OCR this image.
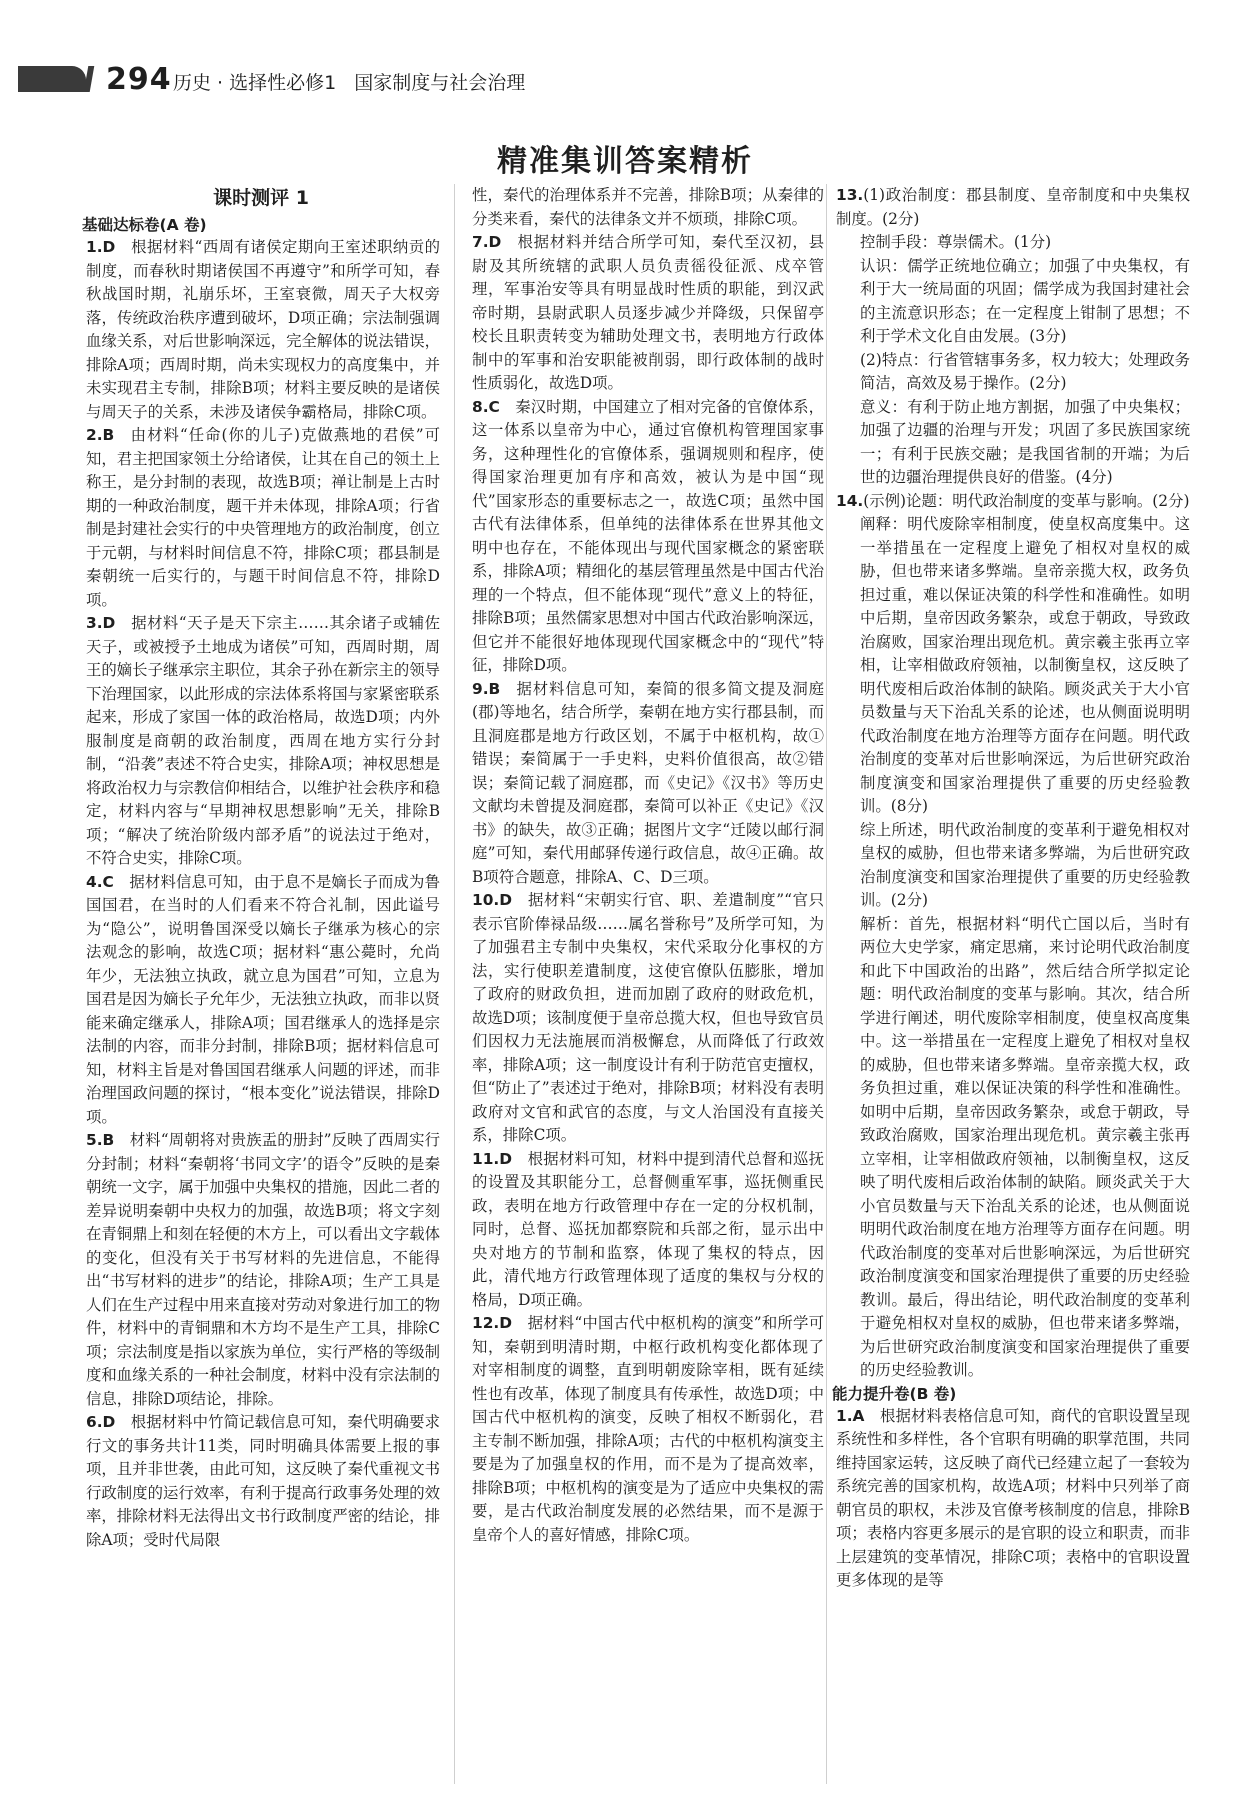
294 历史 · 选择性必修1 国家制度与社会治理
精准集训答案精析
课时测评 1
基础达标卷(A 卷)
1.D  根据材料“西周有诸侯定期向王室述职纳贡的制度，而春秋时期诸侯国不再遵守”和所学可知，春秋战国时期，礼崩乐坏，王室衰微，周天子大权旁落，传统政治秩序遭到破坏，D项正确；宗法制强调血缘关系，对后世影响深远，完全解体的说法错误，排除A项；西周时期，尚未实现权力的高度集中，并未实现君主专制，排除B项；材料主要反映的是诸侯与周天子的关系，未涉及诸侯争霸格局，排除C项。
2.B  由材料“任命(你的儿子)克做燕地的君侯”可知，君主把国家领土分给诸侯，让其在自己的领土上称王，是分封制的表现，故选B项；禅让制是上古时期的一种政治制度，题干并未体现，排除A项；行省制是封建社会实行的中央管理地方的政治制度，创立于元朝，与材料时间信息不符，排除C项；郡县制是秦朝统一后实行的，与题干时间信息不符，排除D项。
3.D  据材料“天子是天下宗主……其余诸子或辅佐天子，或被授予土地成为诸侯”可知，西周时期，周王的嫡长子继承宗主职位，其余子孙在新宗主的领导下治理国家，以此形成的宗法体系将国与家紧密联系起来，形成了家国一体的政治格局，故选D项；内外服制度是商朝的政治制度，西周在地方实行分封制，“沿袭”表述不符合史实，排除A项；神权思想是将政治权力与宗教信仰相结合，以维护社会秩序和稳定，材料内容与“早期神权思想影响”无关，排除B项；“解决了统治阶级内部矛盾”的说法过于绝对，不符合史实，排除C项。
4.C  据材料信息可知，由于息不是嫡长子而成为鲁国国君，在当时的人们看来不符合礼制，因此谥号为“隐公”，说明鲁国深受以嫡长子继承为核心的宗法观念的影响，故选C项；据材料“惠公薨时，允尚年少，无法独立执政，就立息为国君”可知，立息为国君是因为嫡长子允年少，无法独立执政，而非以贤能来确定继承人，排除A项；国君继承人的选择是宗法制的内容，而非分封制，排除B项；据材料信息可知，材料主旨是对鲁国国君继承人问题的评述，而非治理国政问题的探讨，“根本变化”说法错误，排除D项。
5.B  材料“周朝将对贵族盂的册封”反映了西周实行分封制；材料“秦朝将‘书同文字’的语令”反映的是秦朝统一文字，属于加强中央集权的措施，因此二者的差异说明秦朝中央权力的加强，故选B项；将文字刻在青铜鼎上和刻在轻便的木方上，可以看出文字载体的变化，但没有关于书写材料的先进信息，不能得出“书写材料的进步”的结论，排除A项；生产工具是人们在生产过程中用来直接对劳动对象进行加工的物件，材料中的青铜鼎和木方均不是生产工具，排除C项；宗法制度是指以家族为单位，实行严格的等级制度和血缘关系的一种社会制度，材料中没有宗法制的信息，排除D项结论，排除。
6.D  根据材料中竹简记载信息可知，秦代明确要求行文的事务共计11类，同时明确具体需要上报的事项，且并非世袭，由此可知，这反映了秦代重视文书行政制度的运行效率，有利于提高行政事务处理的效率，排除材料无法得出文书行政制度严密的结论，排除A项；受时代局限
性，秦代的治理体系并不完善，排除B项；从秦律的分类来看，秦代的法律条文并不烦琐，排除C项。
7.D  根据材料并结合所学可知，秦代至汉初，县尉及其所统辖的武职人员负责徭役征派、戍卒管理，军事治安等具有明显战时性质的职能，到汉武帝时期，县尉武职人员逐步减少并降级，只保留亭校长且职责转变为辅助处理文书，表明地方行政体制中的军事和治安职能被削弱，即行政体制的战时性质弱化，故选D项。
8.C  秦汉时期，中国建立了相对完备的官僚体系，这一体系以皇帝为中心，通过官僚机构管理国家事务，这种理性化的官僚体系，强调规则和程序，使得国家治理更加有序和高效，被认为是中国“现代”国家形态的重要标志之一，故选C项；虽然中国古代有法律体系，但单纯的法律体系在世界其他文明中也存在，不能体现出与现代国家概念的紧密联系，排除A项；精细化的基层管理虽然是中国古代治理的一个特点，但不能体现“现代”意义上的特征，排除B项；虽然儒家思想对中国古代政治影响深远，但它并不能很好地体现现代国家概念中的“现代”特征，排除D项。
9.B  据材料信息可知，秦简的很多简文提及洞庭(郡)等地名，结合所学，秦朝在地方实行郡县制，而且洞庭郡是地方行政区划，不属于中枢机构，故①错误；秦简属于一手史料，史料价值很高，故②错误；秦简记载了洞庭郡，而《史记》《汉书》等历史文献均未曾提及洞庭郡，秦简可以补正《史记》《汉书》的缺失，故③正确；据图片文字“迁陵以邮行洞庭”可知，秦代用邮驿传递行政信息，故④正确。故B项符合题意，排除A、C、D三项。
10.D  据材料“宋朝实行官、职、差遣制度”“官只表示官阶俸禄品级……属名誉称号”及所学可知，为了加强君主专制中央集权，宋代采取分化事权的方法，实行使职差遣制度，这使官僚队伍膨胀，增加了政府的财政负担，进而加剧了政府的财政危机，故选D项；该制度便于皇帝总揽大权，但也导致官员们因权力无法施展而消极懈怠，从而降低了行政效率，排除A项；这一制度设计有利于防范官吏擅权，但“防止了”表述过于绝对，排除B项；材料没有表明政府对文官和武官的态度，与文人治国没有直接关系，排除C项。
11.D  根据材料可知，材料中提到清代总督和巡抚的设置及其职能分工，总督侧重军事，巡抚侧重民政，表明在地方行政管理中存在一定的分权机制，同时，总督、巡抚加都察院和兵部之衔，显示出中央对地方的节制和监察，体现了集权的特点，因此，清代地方行政管理体现了适度的集权与分权的格局，D项正确。
12.D  据材料“中国古代中枢机构的演变”和所学可知，秦朝到明清时期，中枢行政机构变化都体现了对宰相制度的调整，直到明朝废除宰相，既有延续性也有改革，体现了制度具有传承性，故选D项；中国古代中枢机构的演变，反映了相权不断弱化，君主专制不断加强，排除A项；古代的中枢机构演变主要是为了加强皇权的作用，而不是为了提高效率，排除B项；中枢机构的演变是为了适应中央集权的需要，是古代政治制度发展的必然结果，而不是源于皇帝个人的喜好情感，排除C项。
13.(1)政治制度：郡县制度、皇帝制度和中央集权制度。(2分)
控制手段：尊崇儒术。(1分)
认识：儒学正统地位确立；加强了中央集权，有利于大一统局面的巩固；儒学成为我国封建社会的主流意识形态；在一定程度上钳制了思想；不利于学术文化自由发展。(3分)
(2)特点：行省管辖事务多，权力较大；处理政务简洁，高效及易于操作。(2分)
意义：有利于防止地方割据，加强了中央集权；加强了边疆的治理与开发；巩固了多民族国家统一；有利于民族交融；是我国省制的开端；为后世的边疆治理提供良好的借鉴。(4分)
14.(示例)论题：明代政治制度的变革与影响。(2分)
阐释：明代废除宰相制度，使皇权高度集中。这一举措虽在一定程度上避免了相权对皇权的威胁，但也带来诸多弊端。皇帝亲揽大权，政务负担过重，难以保证决策的科学性和准确性。如明中后期，皇帝因政务繁杂，或怠于朝政，导致政治腐败，国家治理出现危机。黄宗羲主张再立宰相，让宰相做政府领袖，以制衡皇权，这反映了明代废相后政治体制的缺陷。顾炎武关于大小官员数量与天下治乱关系的论述，也从侧面说明明代政治制度在地方治理等方面存在问题。明代政治制度的变革对后世影响深远，为后世研究政治制度演变和国家治理提供了重要的历史经验教训。(8分)
综上所述，明代政治制度的变革利于避免相权对皇权的威胁，但也带来诸多弊端，为后世研究政治制度演变和国家治理提供了重要的历史经验教训。(2分)
解析：首先，根据材料“明代亡国以后，当时有两位大史学家，痛定思痛，来讨论明代政治制度和此下中国政治的出路”，然后结合所学拟定论题：明代政治制度的变革与影响。其次，结合所学进行阐述，明代废除宰相制度，使皇权高度集中。这一举措虽在一定程度上避免了相权对皇权的威胁，但也带来诸多弊端。皇帝亲揽大权，政务负担过重，难以保证决策的科学性和准确性。如明中后期，皇帝因政务繁杂，或怠于朝政，导致政治腐败，国家治理出现危机。黄宗羲主张再立宰相，让宰相做政府领袖，以制衡皇权，这反映了明代废相后政治体制的缺陷。顾炎武关于大小官员数量与天下治乱关系的论述，也从侧面说明明代政治制度在地方治理等方面存在问题。明代政治制度的变革对后世影响深远，为后世研究政治制度演变和国家治理提供了重要的历史经验教训。最后，得出结论，明代政治制度的变革利于避免相权对皇权的威胁，但也带来诸多弊端，为后世研究政治制度演变和国家治理提供了重要的历史经验教训。
能力提升卷(B 卷)
1.A  根据材料表格信息可知，商代的官职设置呈现系统性和多样性，各个官职有明确的职掌范围，共同维持国家运转，这反映了商代已经建立起了一套较为系统完善的国家机构，故选A项；材料中只列举了商朝官员的职权，未涉及官僚考核制度的信息，排除B项；表格内容更多展示的是官职的设立和职责，而非上层建筑的变革情况，排除C项；表格中的官职设置更多体现的是等
